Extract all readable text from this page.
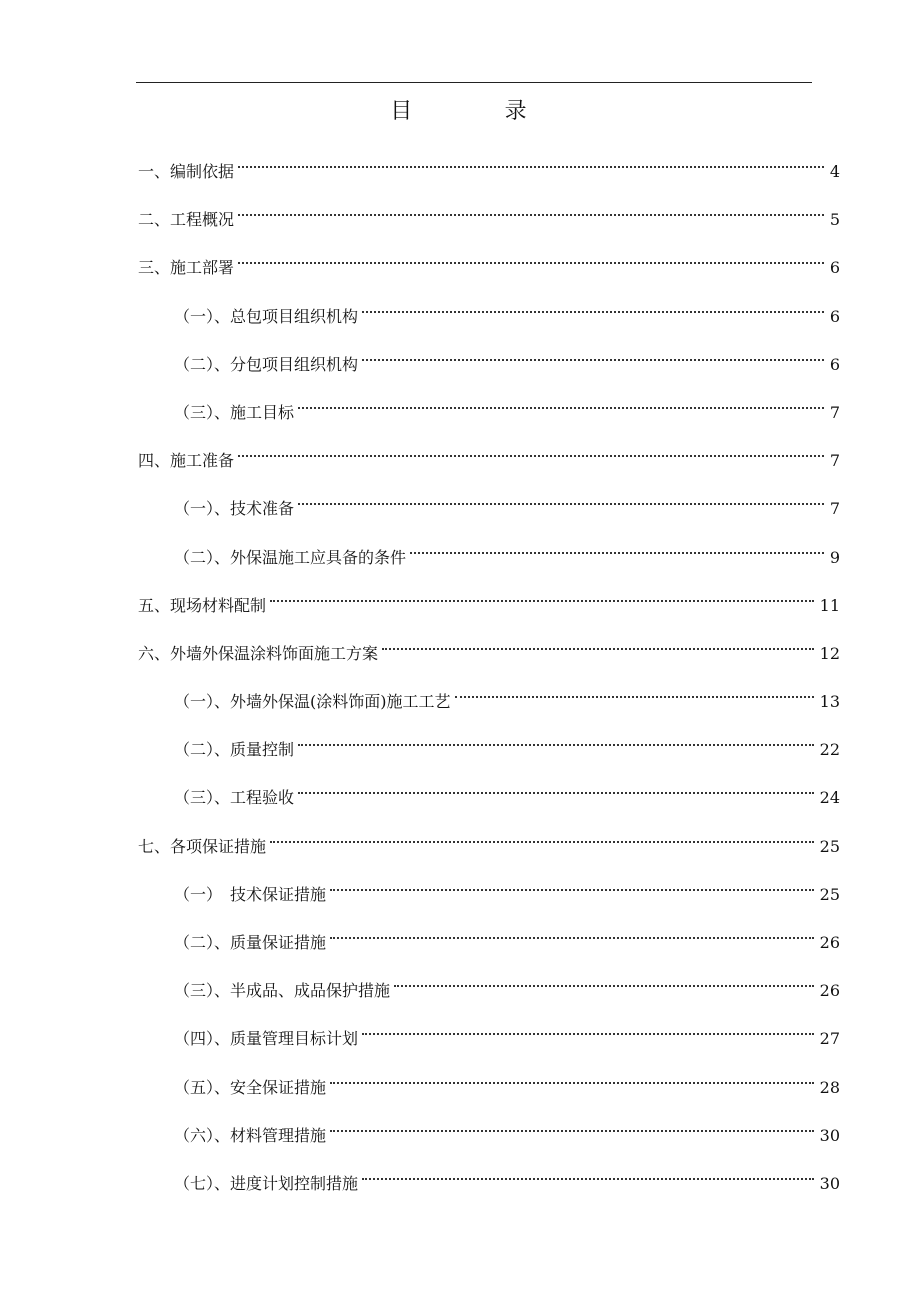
目　录
一、编制依据	4
二、工程概况	5
三、施工部署	6
（一）、总包项目组织机构	6
（二）、分包项目组织机构	6
（三）、施工目标	7
四、施工准备	7
（一）、技术准备	7
（二）、外保温施工应具备的条件	9
五、现场材料配制	11
六、外墙外保温涂料饰面施工方案	12
（一）、外墙外保温(涂料饰面)施工工艺	13
（二）、质量控制	22
（三）、工程验收	24
七、各项保证措施	25
（一）　技术保证措施	25
（二）、质量保证措施	26
（三）、半成品、成品保护措施	26
（四）、质量管理目标计划	27
（五）、安全保证措施	28
（六）、材料管理措施	30
（七）、进度计划控制措施	30
